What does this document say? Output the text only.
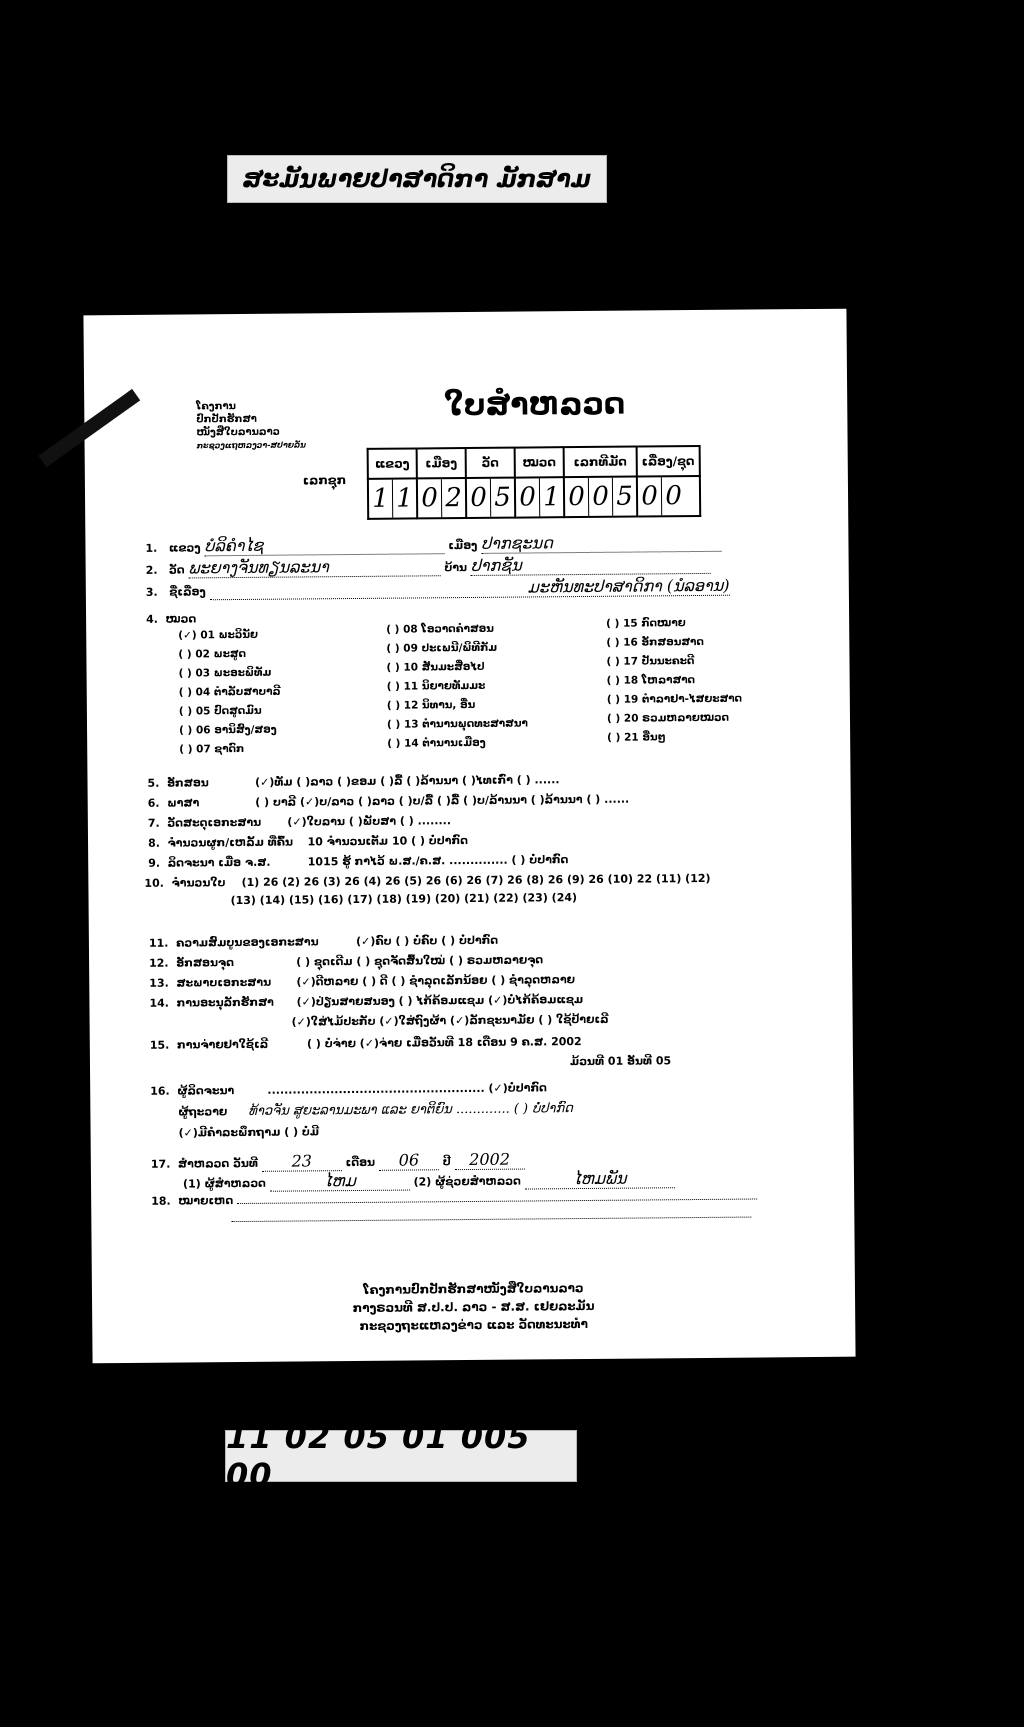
ສະມັນພາຍປາສາດິກາ ມັກສາມ
ໂຄງການ
ປົກປັກຮັກສາ
ໜັງສືໃບລານລາວ
ກະຊວງແຖຫລງວາ-ສປາຍລັນ
ໃບສໍາຫລວດ
ເລກຊຸກ
ແຂວງ	ເມືອງ	ວັດ	ໝວດ	ເລກທີມັດ	ເລື່ອງ/ຊຸດ

1 1	0 2	0 5	0 1	0 0 5	0 0
1. ແຂວງ ບໍລິຄໍາໄຊ	ເມືອງ ປາກຊະນດ
2. ວັດ ພະຍາງຈັນທຽນລະນາ	ບ້ານ ປາກຊັນ
3. ຊື່ເລື່ອງ	ມະຫັນທະປາສາດິກາ (ນໍລອານ)
4.  ໝວດ
(✓) 01 ພະວິນັຍ
( ) 02 ພະສູດ
( ) 03 ພະອະພິທັມ
( ) 04 ຕໍາລັບສາບາລີ
( ) 05 ປົດສູດມົນ
( ) 06 ອານິສົງ/ສອງ
( ) 07 ຊາດົກ
( ) 08 ໂອວາດຄໍາສອນ
( ) 09 ປະເພນີ/ພິທີກັມ
( ) 10 ສັນມະສື່ອໄປ
( ) 11 ນິຍາຍທັມມະ
( ) 12 ນິທານ, ອື່ນ
( ) 13 ຕໍານານພຸດທະສາສນາ
( ) 14 ຕໍານານເມືອງ
( ) 15 ກົດໝາຍ
( ) 16 ອັກສອນສາດ
( ) 17 ປັນນະຄະດີ
( ) 18 ໂຫລາສາດ
( ) 19 ຕໍາລາຢາ-ໄສຍະສາດ
( ) 20 ຣວມຫລາຍໝວດ
( ) 21 ອື່ນໆ
5. ອັກສອນ	(✓)ທັມ ( )ລາວ ( )ຂອມ ( )ລື້ ( )ລ້ານນາ ( )ໄທເກົ່າ ( ) ......
6. ພາສາ	( ) ບາລີ (✓)ບ/ລາວ ( )ລາວ ( )ບ/ລື້ ( )ລື້ ( )ບ/ລ້ານນາ ( )ລ້ານນາ ( ) ......
7. ວັດສະດຸເອກະສານ (✓)ໃບລານ ( )ພັບສາ ( ) ........
8. ຈໍານວນຜູກ/ເຫລັ້ມ ທີ່ຄົ້ນ 10 ຈໍານວນເຕັມ 10 ( ) ບໍ່ປາກົດ
9. ລິດຈະນາ ເມື່ອ ຈ.ສ.	1015 ຮູ້ ກາໄວ້ ພ.ສ./ຄ.ສ. .............. ( ) ບໍ່ປາກົດ
10. ຈໍານວນໃບ (1) 26 (2) 26 (3) 26 (4) 26 (5) 26 (6) 26 (7) 26 (8) 26 (9) 26 (10) 22 (11) (12)
(13) (14) (15) (16) (17) (18) (19) (20) (21) (22) (23) (24)
11. ຄວາມສົມບູນຂອງເອກະສານ	(✓)ຄົບ ( ) ບໍ່ຄົບ ( ) ບໍ່ປາກົດ
12. ອັກສອນຈຸດ	( ) ຊຸດເດີມ ( ) ຊຸດຈັດສົ້ນໃໝ່ ( ) ຣວມຫລາຍຈຸດ
13. ສະພາບເອກະສານ (✓)ດີຫລາຍ ( ) ດີ ( ) ຊໍາລຸດເລັກນ້ອຍ ( ) ຊໍາລຸດຫລາຍ
14. ການອະນຸລັກຮັກສາ (✓)ປ່ຽນສາຍສນອງ ( ) ໄກ້ຄ້ອມແຊມ (✓)ບໍ່ໄກ້ຄ້ອມແຊມ
(✓)ໃສ່ໄມ້ປະກັບ (✓)ໃສ່ຖົງຜ້າ (✓)ລັກຊະນາມັຍ ( ) ໃຊ້ປ້າຍເລີ
15. ການຈ່າຍຢາໃຊ້ເລີ	( ) ບໍ່ຈ່າຍ (✓)ຈ່າຍ ເມື່ອວັນທີ 18 ເດືອນ 9 ຄ.ສ. 2002
ມ້ວນທີ 01 ອັນທີ 05
16. ຜູ້ລິດຈະນາ	.................................................... (✓)ບໍ່ປາກົດ
ຜູ້ຖະວາຍ ທ້າວຈັນ ສູຍະລານມະພາ ແລະ ຍາຕິຍົນ ............. ( ) ບໍ່ປາກົດ
(✓)ມີຄໍາລະພຶກຖາມ ( ) ບໍ່ມີ
17. ສໍາຫລວດ ວັນທີ 23	ເດືອນ 06 ປີ 2002
(1) ຜູ້ສໍາຫລວດ	ໄຫມ	(2) ຜູ້ຊ່ວຍສໍາຫລວດ	ໄຫມພັນ
18. ໝາຍເຫດ
ໂຄງການປົກປັກຮັກສາໜັງສືໃບລານລາວ
ກາງຣວນທີ ສ.ປ.ປ. ລາວ - ສ.ສ. ເຢຍລະມັນ
ກະຊວງຖະແຫລງຂ່າວ ແລະ ວັດທະນະທໍາ
11 02 05 01 005 00
